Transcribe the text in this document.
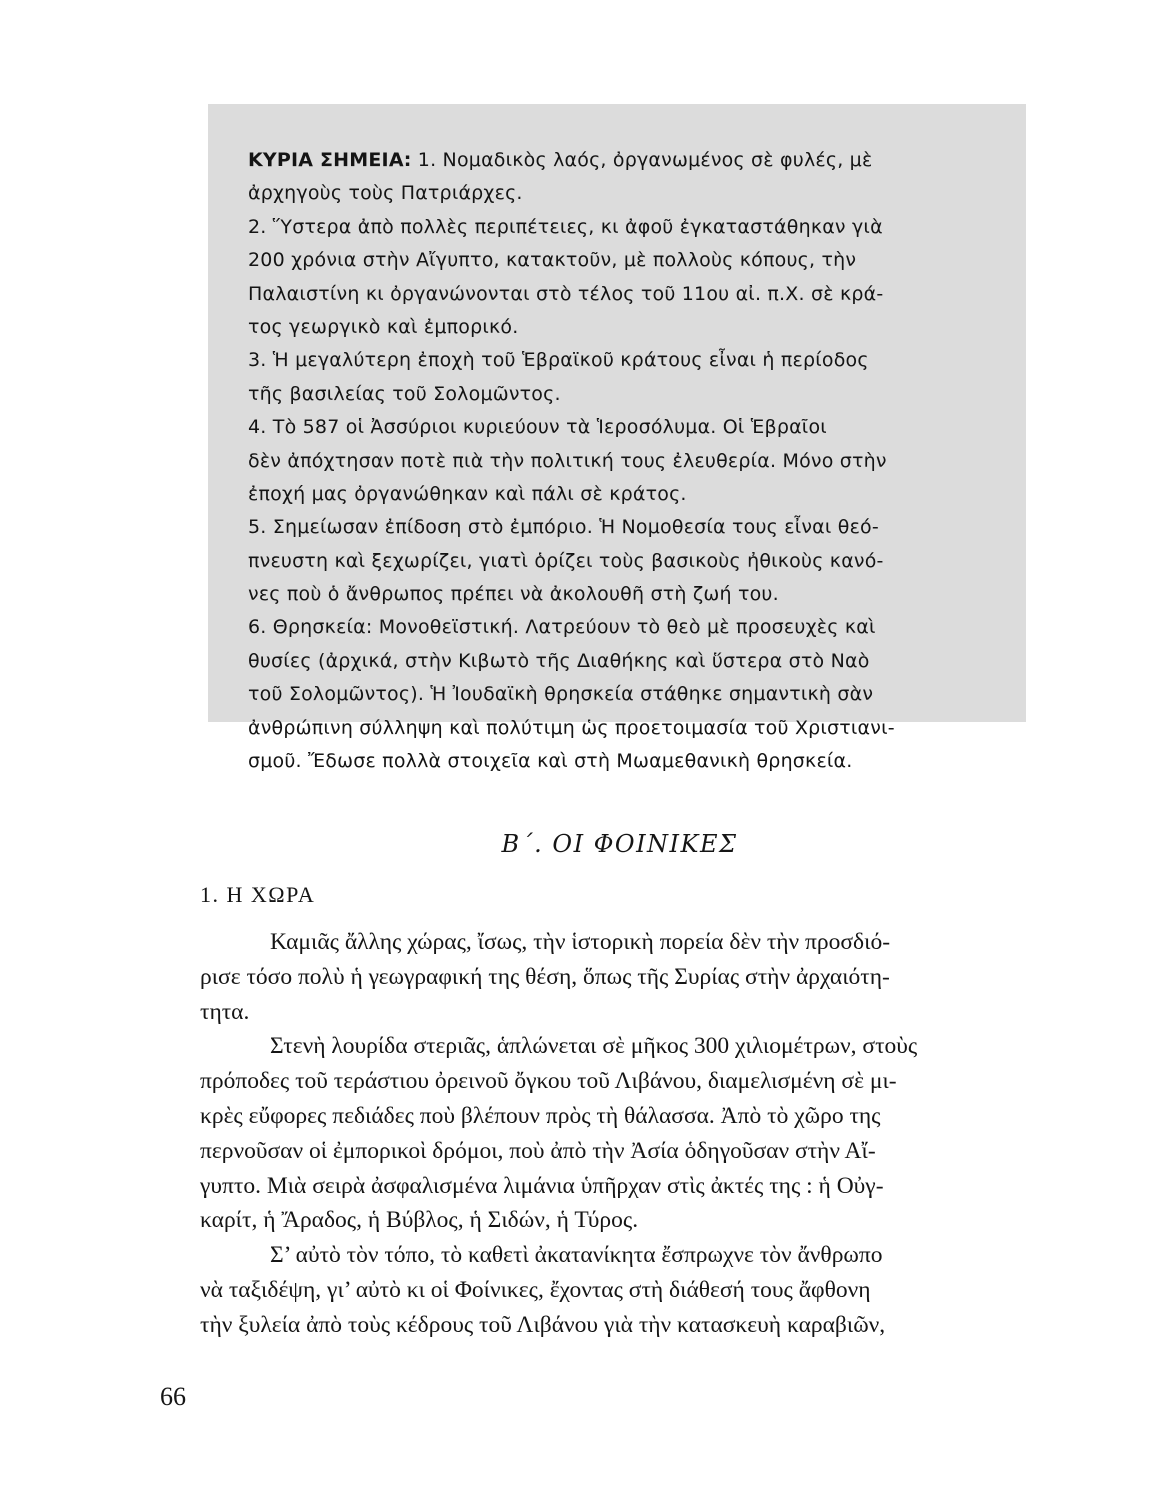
ΚΥΡΙΑ ΣΗΜΕΙΑ: 1. Νομαδικὸς λαός, ὀργανωμένος σὲ φυλές, μὲ
ἀρχηγοὺς τοὺς Πατριάρχες.
2. Ὕστερα ἀπὸ πολλὲς περιπέτειες, κι ἀφοῦ ἐγκαταστάθηκαν γιὰ
200 χρόνια στὴν Αἴγυπτο, κατακτοῦν, μὲ πολλοὺς κόπους, τὴν
Παλαιστίνη κι ὀργανώνονται στὸ τέλος τοῦ 11ου αἰ. π.Χ. σὲ κρά-
τος γεωργικὸ καὶ ἐμπορικό.
3. Ἡ μεγαλύτερη ἐποχὴ τοῦ Ἑβραϊκοῦ κράτους εἶναι ἡ περίοδος
τῆς βασιλείας τοῦ Σολομῶντος.
4. Τὸ 587 οἱ Ἀσσύριοι κυριεύουν τὰ Ἱεροσόλυμα. Οἱ Ἑβραῖοι
δὲν ἀπόχτησαν ποτὲ πιὰ τὴν πολιτική τους ἐλευθερία. Μόνο στὴν
ἐποχή μας ὀργανώθηκαν καὶ πάλι σὲ κράτος.
5. Σημείωσαν ἐπίδοση στὸ ἐμπόριο. Ἡ Νομοθεσία τους εἶναι θεό-
πνευστη καὶ ξεχωρίζει, γιατὶ ὁρίζει τοὺς βασικοὺς ἠθικοὺς κανό-
νες ποὺ ὁ ἄνθρωπος πρέπει νὰ ἀκολουθῆ στὴ ζωή του.
6. Θρησκεία: Μονοθεϊστική. Λατρεύουν τὸ θεὸ μὲ προσευχὲς καὶ
θυσίες (ἀρχικά, στὴν Κιβωτὸ τῆς Διαθήκης καὶ ὕστερα στὸ Ναὸ
τοῦ Σολομῶντος). Ἡ Ἰουδαϊκὴ θρησκεία στάθηκε σημαντικὴ σὰν
ἀνθρώπινη σύλληψη καὶ πολύτιμη ὡς προετοιμασία τοῦ Χριστιανι-
σμοῦ. Ἔδωσε πολλὰ στοιχεῖα καὶ στὴ Μωαμεθανικὴ θρησκεία.
Β΄. ΟΙ ΦΟΙΝΙΚΕΣ
1. Η ΧΩΡΑ
Καμιᾶς ἄλλης χώρας, ἴσως, τὴν ἱστορικὴ πορεία δὲν τὴν προσδιό-
ρισε τόσο πολὺ ἡ γεωγραφική της θέση, ὅπως τῆς Συρίας στὴν ἀρχαιότη-
τητα.
Στενὴ λουρίδα στεριᾶς, ἁπλώνεται σὲ μῆκος 300 χιλιομέτρων, στοὺς
πρόποδες τοῦ τεράστιου ὀρεινοῦ ὄγκου τοῦ Λιβάνου, διαμελισμένη σὲ μι-
κρὲς εὔφορες πεδιάδες ποὺ βλέπουν πρὸς τὴ θάλασσα. Ἀπὸ τὸ χῶρο της
περνοῦσαν οἱ ἐμπορικοὶ δρόμοι, ποὺ ἀπὸ τὴν Ἀσία ὁδηγοῦσαν στὴν Αἴ-
γυπτο. Μιὰ σειρὰ ἀσφαλισμένα λιμάνια ὑπῆρχαν στὶς ἀκτές της : ἡ Οὐγ-
καρίτ, ἡ Ἄραδος, ἡ Βύβλος, ἡ Σιδών, ἡ Τύρος.
Σ’ αὐτὸ τὸν τόπο, τὸ καθετὶ ἀκατανίκητα ἔσπρωχνε τὸν ἄνθρωπο
νὰ ταξιδέψη, γι’ αὐτὸ κι οἱ Φοίνικες, ἔχοντας στὴ διάθεσή τους ἄφθονη
τὴν ξυλεία ἀπὸ τοὺς κέδρους τοῦ Λιβάνου γιὰ τὴν κατασκευὴ καραβιῶν,
66
